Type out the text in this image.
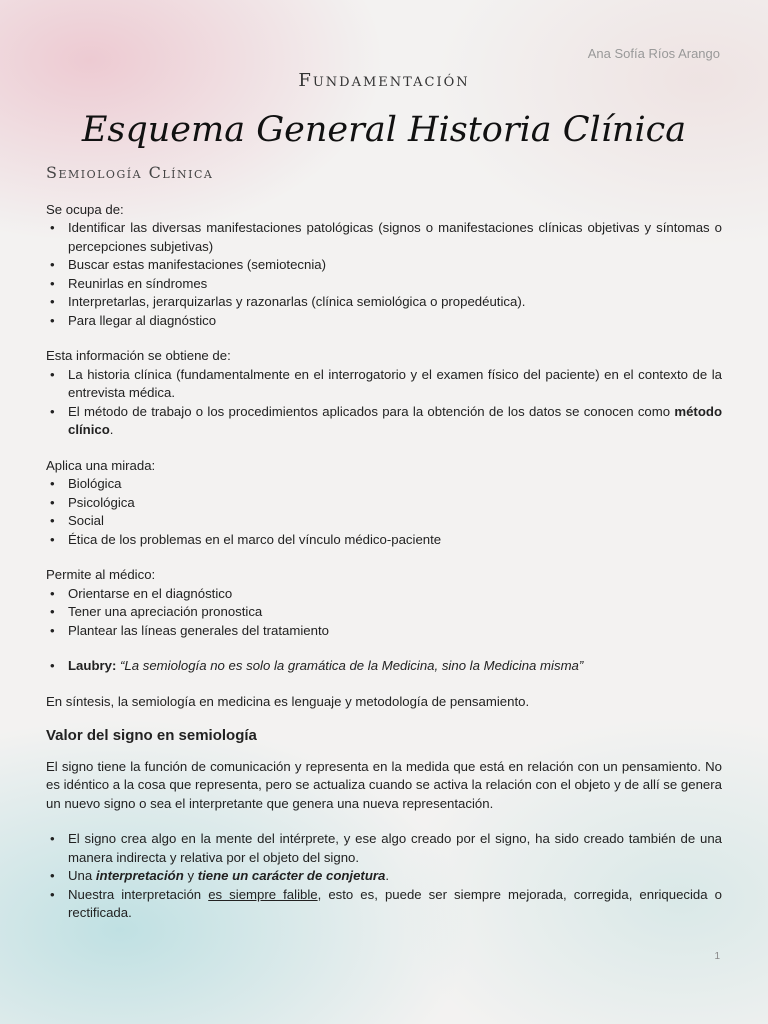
Ana Sofía Ríos Arango
Fundamentación
Esquema General Historia Clínica
Semiología Clínica

Se ocupa de:

• Identificar las diversas manifestaciones patológicas (signos o manifestaciones clínicas objetivas y síntomas o percepciones subjetivas)
• Buscar estas manifestaciones (semiotecnia)
• Reunirlas en síndromes
• Interpretarlas, jerarquizarlas y razonarlas (clínica semiológica o propedéutica).
• Para llegar al diagnóstico

Esta información se obtiene de:

• La historia clínica (fundamentalmente en el interrogatorio y el examen físico del paciente) en el contexto de la entrevista médica.
• El método de trabajo o los procedimientos aplicados para la obtención de los datos se conocen como método clínico.

Aplica una mirada:

• Biológica
• Psicológica
• Social
• Ética de los problemas en el marco del vínculo médico-paciente

Permite al médico:

• Orientarse en el diagnóstico
• Tener una apreciación pronostica
• Plantear las líneas generales del tratamiento
• Laubry: “La semiología no es solo la gramática de la Medicina, sino la Medicina misma”

En síntesis, la semiología en medicina es lenguaje y metodología de pensamiento.

Valor del signo en semiología

El signo tiene la función de comunicación y representa en la medida que está en relación con un pensamiento. No es idéntico a la cosa que representa, pero se actualiza cuando se activa la relación con el objeto y de allí se genera un nuevo signo o sea el interpretante que genera una nueva representación.

• El signo crea algo en la mente del intérprete, y ese algo creado por el signo, ha sido creado también de una manera indirecta y relativa por el objeto del signo.
• Una interpretación y tiene un carácter de conjetura.
• Nuestra interpretación es siempre falible, esto es, puede ser siempre mejorada, corregida, enriquecida o rectificada.
1
